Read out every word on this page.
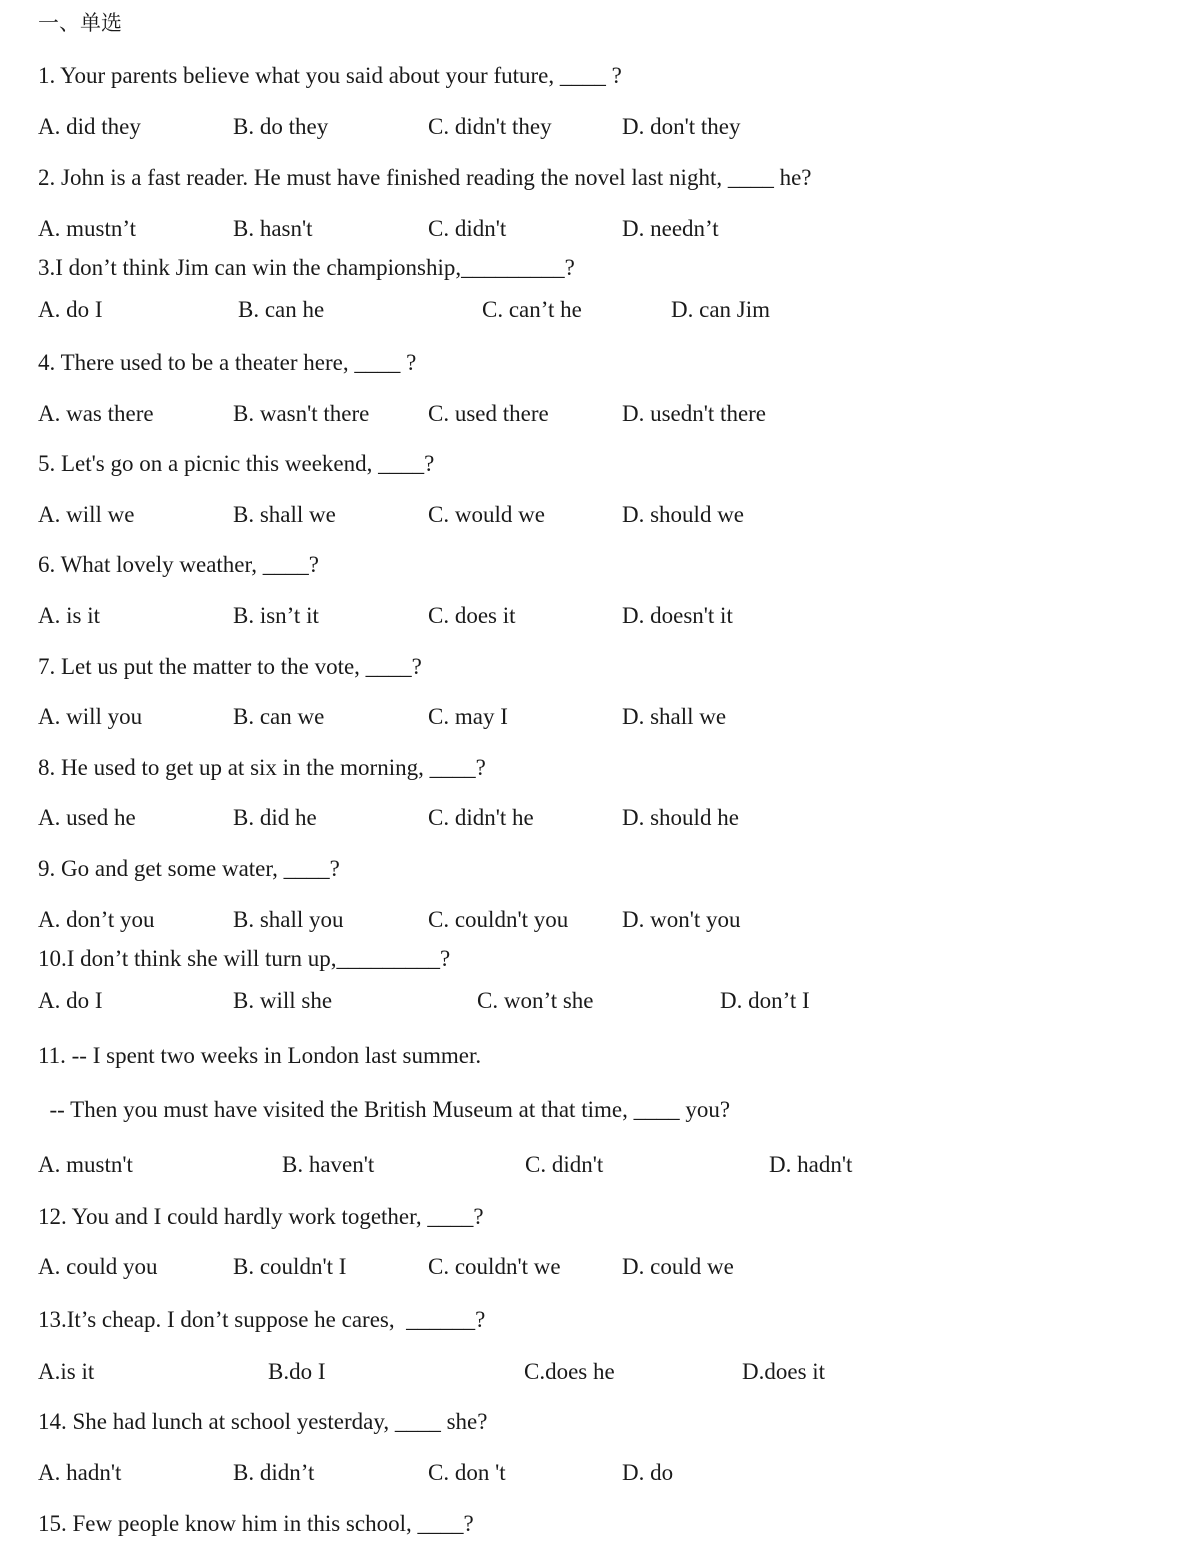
一、单选
1. Your parents believe what you said about your future, ____ ?
A. did they	B. do they	C. didn't they	D. don't they
2. John is a fast reader. He must have finished reading the novel last night, ____ he?
A. mustn’t	B. hasn't	C. didn't	D. needn’t
3.I don’t think Jim can win the championship,_________?
A. do I	B. can he	C. can’t he	D. can Jim
4. There used to be a theater here, ____ ?
A. was there	B. wasn't there	C. used there	D. usedn't there
5. Let's go on a picnic this weekend, ____?
A. will we	B. shall we	C. would we	D. should we
6. What lovely weather, ____?
A. is it	B. isn’t it	C. does it	D. doesn't it
7. Let us put the matter to the vote, ____?
A. will you	B. can we	C. may I	D. shall we
8. He used to get up at six in the morning, ____?
A. used he	B. did he	C. didn't he	D. should he
9. Go and get some water, ____?
A. don’t you	B. shall you	C. couldn't you D. won't you
10.I don’t think she will turn up,_________?
A. do I	B. will she	C. won’t she	D. don’t I
11. -- I spent two weeks in London last summer.
-- Then you must have visited the British Museum at that time, ____ you?
A. mustn't	B. haven't	C. didn't	D. hadn't
12. You and I could hardly work together, ____?
A. could you	B. couldn't I	C. couldn't we	D. could we
13.It’s cheap. I don’t suppose he cares,  ______?
A.is it	B.do I	C.does he	D.does it
14. She had lunch at school yesterday, ____ she?
A. hadn't	B. didn’t	C. don 't	D. do
15. Few people know him in this school, ____?
